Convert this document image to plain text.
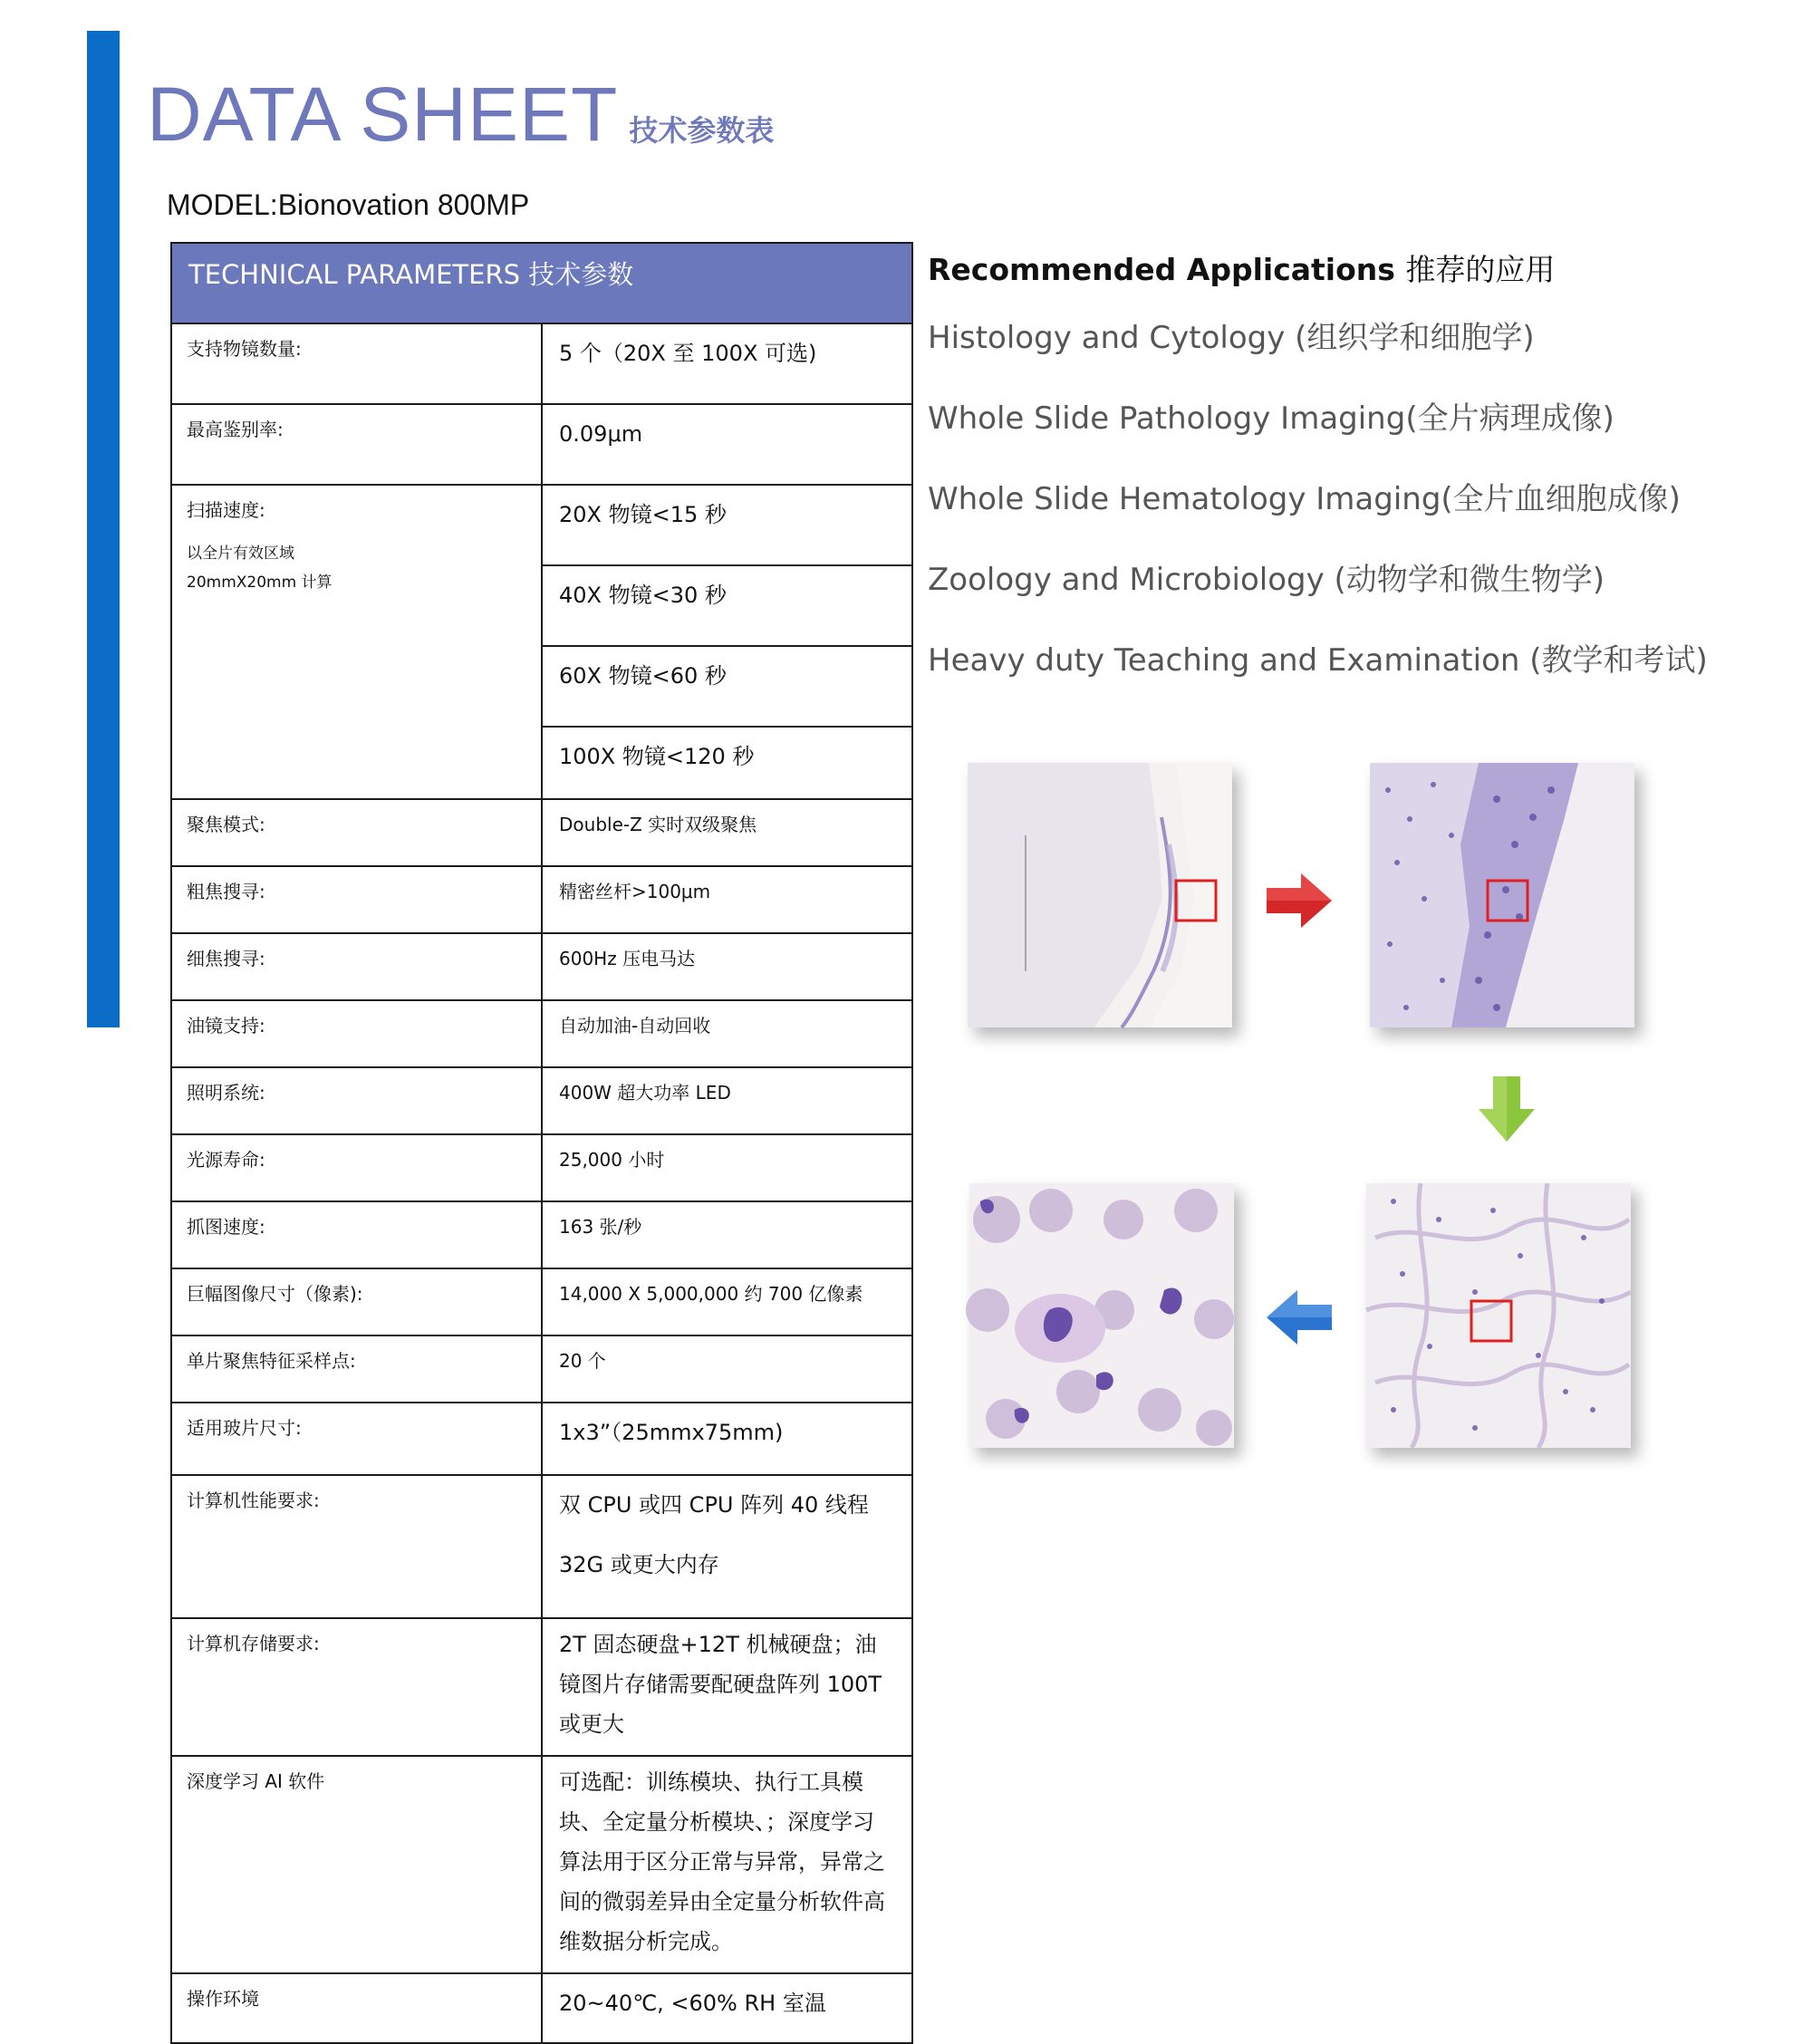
DATA SHEET 技术参数表
MODEL:Bionovation 800MP
TECHNICAL PARAMETERS 技术参数	
支持物镜数量:	5 个（20X 至 100X 可选)
最高鉴别率:	0.09μm

扫描速度:
以全片有效区域
20mmX20mm 计算	20X 物镜<15 秒
	40X 物镜<30 秒
	60X 物镜<60 秒
	100X 物镜<120 秒
聚焦模式:	Double-Z 实时双级聚焦
粗焦搜寻:	精密丝杆>100μm
细焦搜寻:	600Hz 压电马达
油镜支持:	自动加油-自动回收
照明系统:	400W 超大功率 LED
光源寿命:	25,000 小时
抓图速度:	163 张/秒
巨幅图像尺寸（像素):	14,000 X 5,000,000 约 700 亿像素
单片聚焦特征采样点:	20 个
适用玻片尺寸:	1x3”（25mmx75mm)
计算机性能要求:	双 CPU 或四 CPU 阵列 40 线程
32G 或更大内存

计算机存储要求:	2T 固态硬盘+12T 机械硬盘；油镜图片存储需要配硬盘阵列 100T 或更大
深度学习 AI 软件	可选配：训练模块、执行工具模块、全定量分析模块、；深度学习算法用于区分正常与异常，异常之间的微弱差异由全定量分析软件高维数据分析完成。
操作环境	20~40℃, <60% RH 室温
Recommended Applications 推荐的应用
Histology and Cytology (组织学和细胞学)
Whole Slide Pathology Imaging(全片病理成像)
Whole Slide Hematology Imaging(全片血细胞成像)
Zoology and Microbiology (动物学和微生物学)
Heavy duty Teaching and Examination (教学和考试)
